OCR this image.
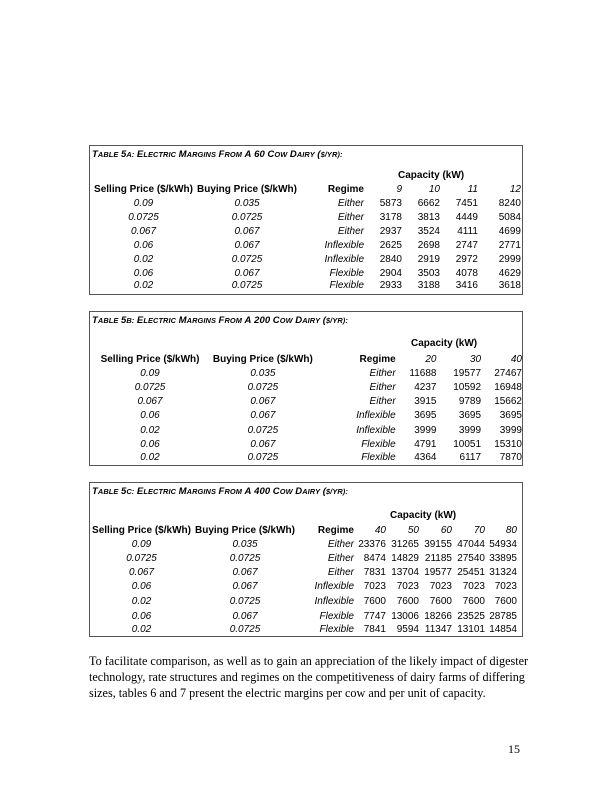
TABLE 5A: ELECTRIC MARGINS FROM A 60 COW DAIRY ($/YR):
Capacity (kW)
Selling Price ($/kWh)	Buying Price ($/kWh)	Regime	9	10	11	12
0.09	0.035	Either	5873	6662	7451	8240
0.0725	0.0725	Either	3178	3813	4449	5084
0.067	0.067	Either	2937	3524	4111	4699
0.06	0.067	Inflexible	2625	2698	2747	2771
0.02	0.0725	Inflexible	2840	2919	2972	2999
0.06	0.067	Flexible	2904	3503	4078	4629
0.02	0.0725	Flexible	2933	3188	3416	3618
TABLE 5B: ELECTRIC MARGINS FROM A 200 COW DAIRY ($/YR):
Capacity (kW)
Selling Price ($/kWh)	Buying Price ($/kWh)	Regime	20	30	40
0.09	0.035	Either	11688	19577	27467
0.0725	0.0725	Either	4237	10592	16948
0.067	0.067	Either	3915	9789	15662
0.06	0.067	Inflexible	3695	3695	3695
0.02	0.0725	Inflexible	3999	3999	3999
0.06	0.067	Flexible	4791	10051	15310
0.02	0.0725	Flexible	4364	6117	7870
TABLE 5C: ELECTRIC MARGINS FROM A 400 COW DAIRY ($/YR):
Capacity (kW)
Selling Price ($/kWh)	Buying Price ($/kWh)	Regime	40	50	60	70	80
0.09	0.035	Either	23376	31265	39155	47044	54934
0.0725	0.0725	Either	8474	14829	21185	27540	33895
0.067	0.067	Either	7831	13704	19577	25451	31324
0.06	0.067	Inflexible	7023	7023	7023	7023	7023
0.02	0.0725	Inflexible	7600	7600	7600	7600	7600
0.06	0.067	Flexible	7747	13006	18266	23525	28785
0.02	0.0725	Flexible	7841	9594	11347	13101	14854
To facilitate comparison, as well as to gain an appreciation of the likely impact of digester technology, rate structures and regimes on the competitiveness of dairy farms of differing sizes, tables 6 and 7 present the electric margins per cow and per unit of capacity.
15
